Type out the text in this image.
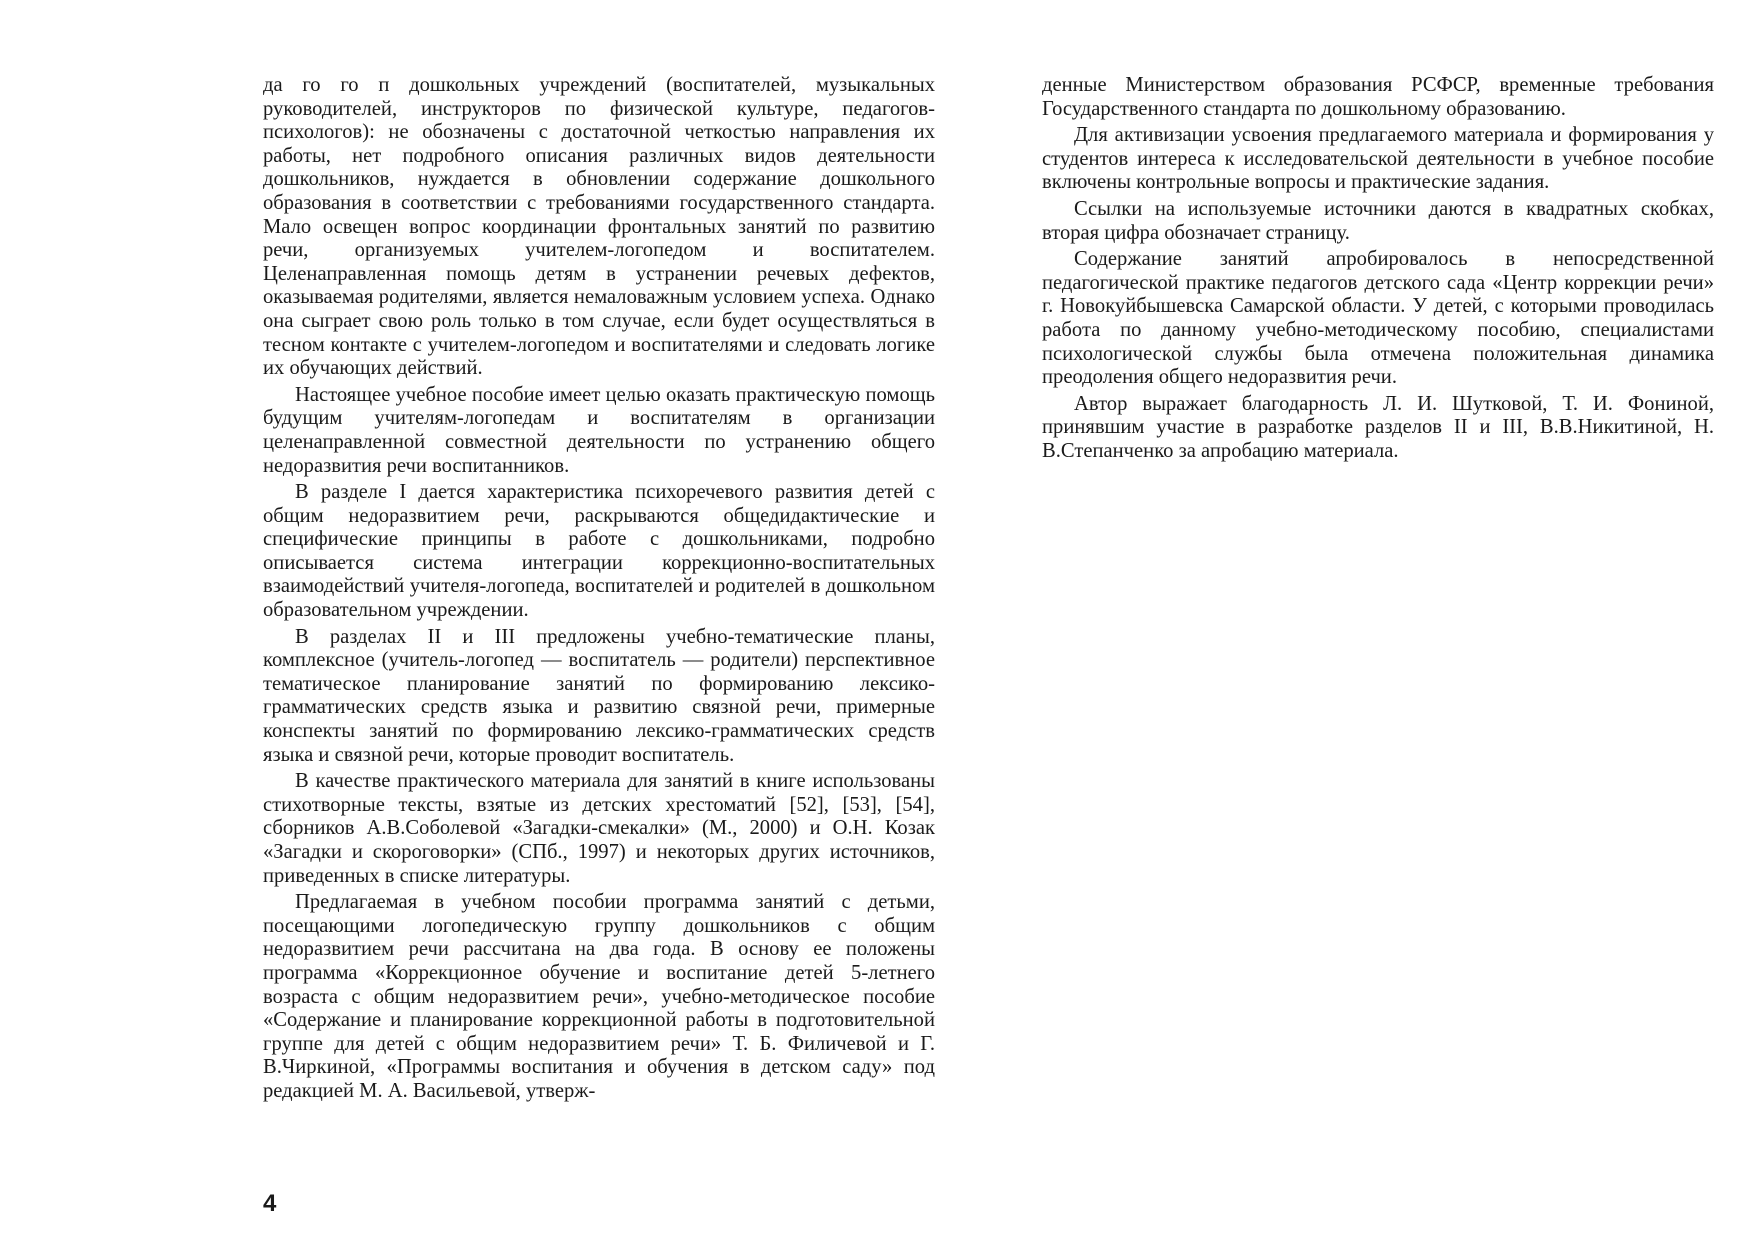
да го го п дошкольных учреждений (воспитателей, музыкальных руководителей, инструкторов по физической культуре, педагогов-психологов): не обозначены с достаточной четкостью направления их работы, нет подробного описания различных видов деятельности дошкольников, нуждается в обновлении содержание дошкольного образования в соответствии с требованиями государственного стандарта. Мало освещен вопрос координации фронтальных занятий по развитию речи, организуемых учителем-логопедом и воспитателем. Целенаправленная помощь детям в устранении речевых дефектов, оказываемая родителями, является немаловажным условием успеха. Однако она сыграет свою роль только в том случае, если будет осуществляться в тесном контакте с учителем-логопедом и воспитателями и следовать логике их обучающих действий.

Настоящее учебное пособие имеет целью оказать практическую помощь будущим учителям-логопедам и воспитателям в организации целенаправленной совместной деятельности по устранению общего недоразвития речи воспитанников.

В разделе I дается характеристика психоречевого развития детей с общим недоразвитием речи, раскрываются общедидактические и специфические принципы в работе с дошкольниками, подробно описывается система интеграции коррекционно-воспитательных взаимодействий учителя-логопеда, воспитателей и родителей в дошкольном образовательном учреждении.

В разделах II и III предложены учебно-тематические планы, комплексное (учитель-логопед — воспитатель — родители) перспективное тематическое планирование занятий по формированию лексико-грамматических средств языка и развитию связной речи, примерные конспекты занятий по формированию лексико-грамматических средств языка и связной речи, которые проводит воспитатель.

В качестве практического материала для занятий в книге использованы стихотворные тексты, взятые из детских хрестоматий [52], [53], [54], сборников А.В.Соболевой «Загадки-смекалки» (М., 2000) и О.Н. Козак «Загадки и скороговорки» (СПб., 1997) и некоторых других источников, приведенных в списке литературы.

Предлагаемая в учебном пособии программа занятий с детьми, посещающими логопедическую группу дошкольников с общим недоразвитием речи рассчитана на два года. В основу ее положены программа «Коррекционное обучение и воспитание детей 5-летнего возраста с общим недоразвитием речи», учебно-методическое пособие «Содержание и планирование коррекционной работы в подготовительной группе для детей с общим недоразвитием речи» Т. Б. Филичевой и Г. В.Чиркиной, «Программы воспитания и обучения в детском саду» под редакцией М. А. Васильевой, утверж-

денные Министерством образования РСФСР, временные требования Государственного стандарта по дошкольному образованию.

Для активизации усвоения предлагаемого материала и формирования у студентов интереса к исследовательской деятельности в учебное пособие включены контрольные вопросы и практические задания.

Ссылки на используемые источники даются в квадратных скобках, вторая цифра обозначает страницу.

Содержание занятий апробировалось в непосредственной педагогической практике педагогов детского сада «Центр коррекции речи» г. Новокуйбышевска Самарской области. У детей, с которыми проводилась работа по данному учебно-методическому пособию, специалистами психологической службы была отмечена положительная динамика преодоления общего недоразвития речи.

Автор выражает благодарность Л. И. Шутковой, Т. И. Фониной, принявшим участие в разработке разделов II и III, В.В.Никитиной, Н. В.Степанченко за апробацию материала.

4
